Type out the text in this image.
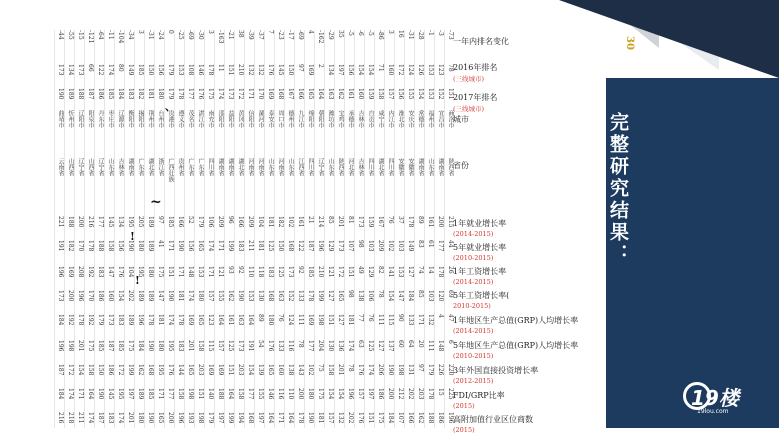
30
完整研究结果：
-73
78
151
商洛市
陕西省
215
44
26
69
47
6
220
225
196
-3
123
152
宜昌市
湖南省
200
177
178
120
4
148
226
15
186
-1
153
153
福州市
山东省
161
61
14
103
132
111
179
178
188
-28
126
154
常德市
湖南省
89
83
74
85
171
20
97
203
162
-31
124
155
安庆市
安徽省
178
149
127
184
133
64
131
202
166
16
172
156
淮北市
安徽省
37
103
153
147
90
60
198
212
107
3
160
157
内江市
四川省
76
102
141
154
115
137
190
200
184
-86
71
158
咸宁市
湖北省
167
209
82
78
111
127
206
186
175
-5
154
159
自贡市
四川省
159
103
129
106
76
125
174
197
151
-6
154
160
吉林市
吉林省
173
98
49
138
77
63
176
157
176
-5
156
161
承德市
河北省
81
107
151
98
181
174
78
196
202
35
197
162
宝鸡市
陕西省
201
173
172
165
127
136
201
154
132
-29
134
163
潍坊市
山东省
85
129
121
127
151
130
158
154
157
-162
2
164
朝阳市
辽宁省
214
196
210
199
198
204
75
175
181
4
169
165
绵阳市
四川省
21
187
185
178
169
177
102
180
190
-69
97
166
九江市
江西省
161
122
92
133
111
78
143
200
178
-17
150
167
德州市
山东省
102
168
173
152
124
116
138
110
164
-23
145
168
周口市
河南省
182
150
125
163
76
133
160
116
171
7
176
169
泰安市
山东省
181
125
183
168
180
176
165
146
164
-37
132
170
漯河市
河南省
104
181
118
130
89
54
139
155
197
-39
132
171
信阳市
河南省
209
211
110
153
164
191
154
177
168
38
210
172
黄冈市
湖北省
166
183
92
190
163
173
203
158
194
-21
151
173
益阳市
湖南省
96
199
93
162
161
125
151
164
199
-163
11
174
邵阳市
湖南省
209
171
121
155
164
157
169
188
197
3
178
175
南充市
四川省
106
174
171
157
123
115
169
140
179
-30
146
176
湛江市
广东省
179
165
153
180
165
158
203
151
198
-69
108
177
茂名市
广东省
52
156
148
174
169
201
165
198
193
-25
153
178
遵义市
贵州省
166
190
171
181
178
183
144
158
196
0
179
179
贵港市
广西壮族
185
171
151
190
174
195
176
177
200
-24
156
180
台州市
浙江省
97
41
175
147
181
180
195
171
165
-31
150
181
荆州市
湖北省
189
189
180
189
178
190
168
185
190
3
185
182
揭阳市
广东省
205
180
195
189
196
184
162
189
180
-34
149
183
衡阳市
湖南省
195
190
104
202
189
175
199
197
201
-104
80
184
辽源市
吉林省
134
156
176
154
183
185
172
195
174
-11
174
185
枣庄市
山东省
145
158
147
160
173
187
186
145
183
-64
122
186
丹东市
辽宁省
177
188
183
186
179
185
150
190
187
-121
66
187
阳泉市
山西省
216
178
192
170
192
175
158
164
174
-15
173
188
辽阳市
辽宁省
200
170
208
196
178
201
154
171
211
-55
134
189
忻州市
山西省
188
182
169
200
192
198
172
174
218
-44
173
190
曲靖市
云南省
221
191
196
173
184
196
187
184
216
一年内排名变化
2016年排名
(三线城市)
2017年排名
(三线城市)
城市
省份
1年就业增长率
(2014-2015)
5年就业增长率
(2010-2015)
1年工资增长率
(2014-2015)
5年工资增长率(
2010-2015)
1年地区生产总值(GRP)人均增长率
(2014-2015)
5年地区生产总值(GRP)人均增长率
(2010-2015)
3年外国直接投资增长率
(2012-2015)
FDI/GRP比率
(2015)
高附加值行业区位商数
(2015)
、
~
!
!
19楼
19lou.com
